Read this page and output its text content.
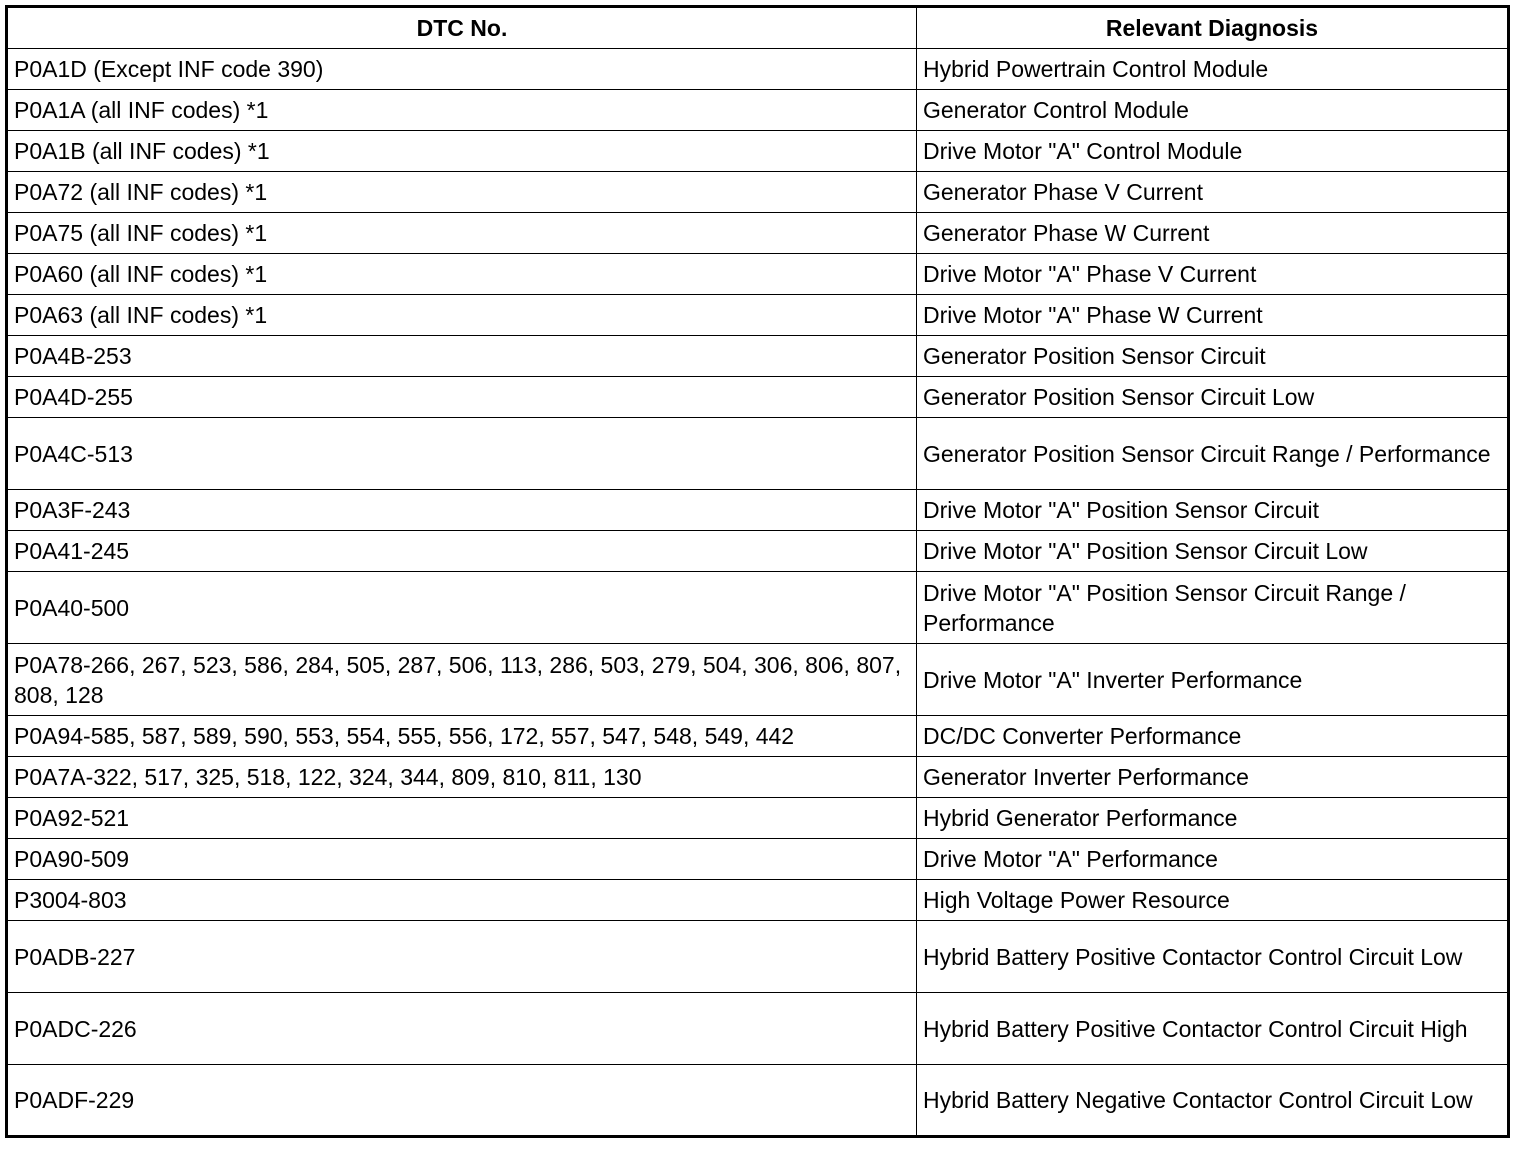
DTC No.	Relevant Diagnosis
P0A1D (Except INF code 390)	Hybrid Powertrain Control Module
P0A1A (all INF codes) *1	Generator Control Module
P0A1B (all INF codes) *1	Drive Motor "A" Control Module
P0A72 (all INF codes) *1	Generator Phase V Current
P0A75 (all INF codes) *1	Generator Phase W Current
P0A60 (all INF codes) *1	Drive Motor "A" Phase V Current
P0A63 (all INF codes) *1	Drive Motor "A" Phase W Current
P0A4B-253	Generator Position Sensor Circuit
P0A4D-255	Generator Position Sensor Circuit Low
P0A4C-513	Generator Position Sensor Circuit Range / Performance
P0A3F-243	Drive Motor "A" Position Sensor Circuit
P0A41-245	Drive Motor "A" Position Sensor Circuit Low
P0A40-500	Drive Motor "A" Position Sensor Circuit Range / Performance
P0A78-266, 267, 523, 586, 284, 505, 287, 506, 113, 286, 503, 279, 504, 306, 806, 807, 808, 128	Drive Motor "A" Inverter Performance
P0A94-585, 587, 589, 590, 553, 554, 555, 556, 172, 557, 547, 548, 549, 442	DC/DC Converter Performance
P0A7A-322, 517, 325, 518, 122, 324, 344, 809, 810, 811, 130	Generator Inverter Performance
P0A92-521	Hybrid Generator Performance
P0A90-509	Drive Motor "A" Performance
P3004-803	High Voltage Power Resource
P0ADB-227	Hybrid Battery Positive Contactor Control Circuit Low
P0ADC-226	Hybrid Battery Positive Contactor Control Circuit High
P0ADF-229	Hybrid Battery Negative Contactor Control Circuit Low
